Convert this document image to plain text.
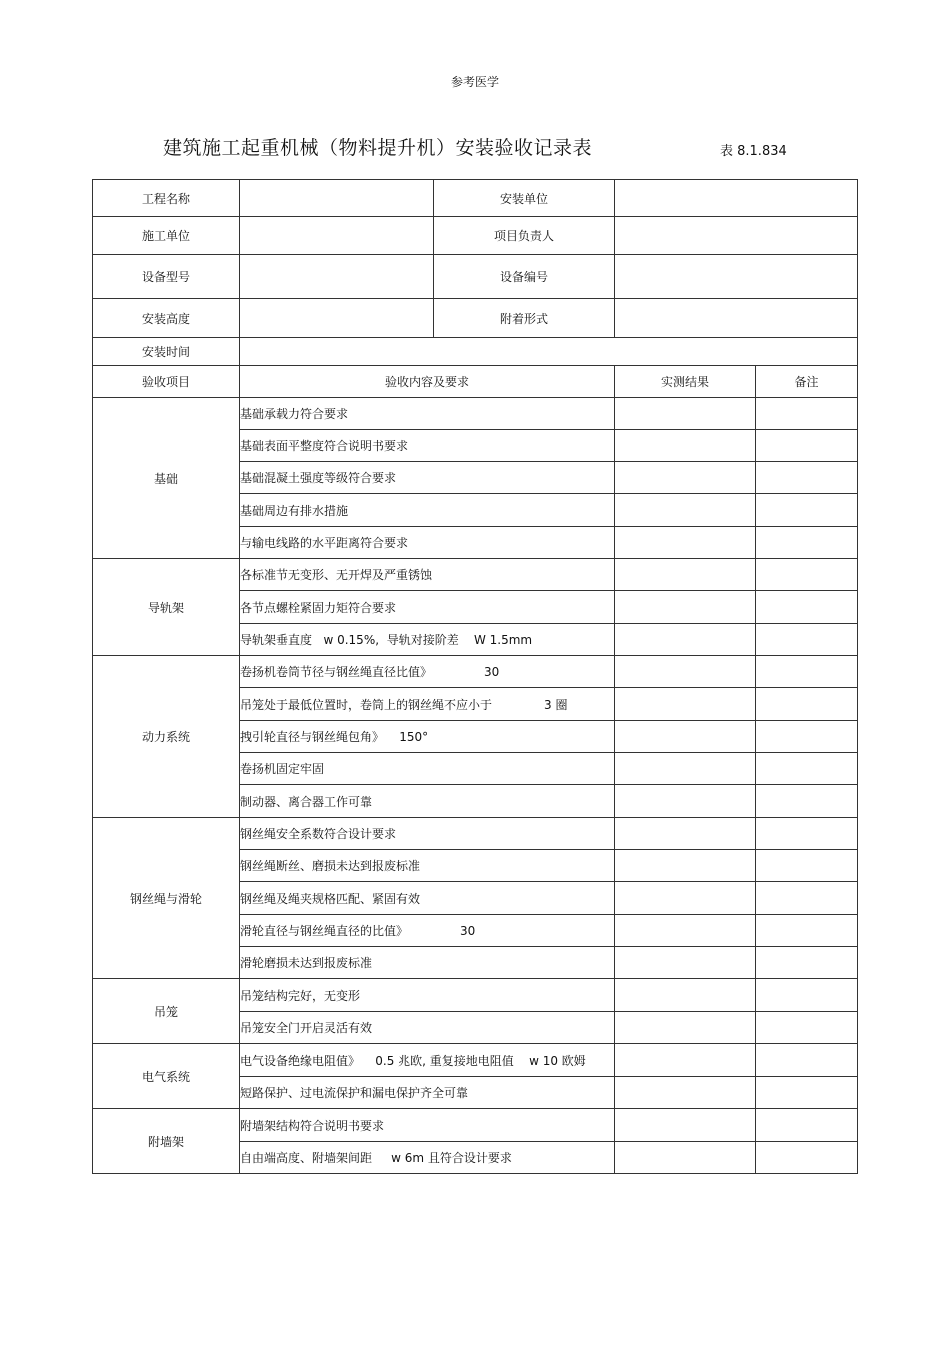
参考医学
建筑施工起重机械（物料提升机）安装验收记录表	表 8.1.834
工程名称		安装单位		
施工单位		项目负责人		
设备型号		设备编号		
安装高度		附着形式		
安装时间				
验收项目	验收内容及要求		实测结果	备注
基础	基础承载力符合要求			
	基础表面平整度符合说明书要求			
	基础混凝土强度等级符合要求			
	基础周边有排水措施			
	与输电线路的水平距离符合要求			
导轨架	各标准节无变形、无开焊及严重锈蚀			
	各节点螺栓紧固力矩符合要求			
	导轨架垂直度 w 0.15%, 导轨对接阶差 W 1.5mm			
动力系统	卷扬机卷筒节径与钢丝绳直径比值》 30			
	吊笼处于最低位置时，卷筒上的钢丝绳不应小于 3 圈			
	拽引轮直径与钢丝绳包角》 150°			
	卷扬机固定牢固			
	制动器、离合器工作可靠			
钢丝绳与滑轮	钢丝绳安全系数符合设计要求			
	钢丝绳断丝、磨损未达到报废标准			
	钢丝绳及绳夹规格匹配、紧固有效			
	滑轮直径与钢丝绳直径的比值》 30			
	滑轮磨损未达到报废标准			
吊笼	吊笼结构完好，无变形			
	吊笼安全门开启灵活有效			
电气系统	电气设备绝缘电阻值》 0.5 兆欧, 重复接地电阻值 w 10 欧姆			
	短路保护、过电流保护和漏电保护齐全可靠			
附墙架	附墙架结构符合说明书要求			
	自由端高度、附墙架间距 w 6m 且符合设计要求			
